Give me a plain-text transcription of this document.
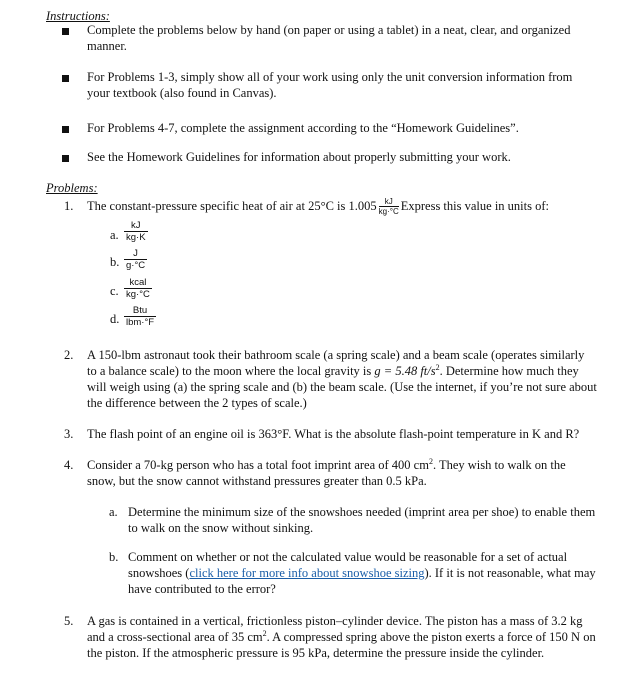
Instructions:
Complete the problems below by hand (on paper or using a tablet) in a neat, clear, and organized manner.
For Problems 1-3, simply show all of your work using only the unit conversion information from your textbook (also found in Canvas).
For Problems 4-7, complete the assignment according to the “Homework Guidelines”.
See the Homework Guidelines for information about properly submitting your work.
Problems:
1. The constant-pressure specific heat of air at 25°C is $1.005 \frac{kJ}{kg\cdot^\circ C}$ Express this value in units of:
a.
kJ
kg·K
b.
J
g·°C
c.
kcal
kg·°C
d.
Btu
lbm·°F
2. A 150-lbm astronaut took their bathroom scale (a spring scale) and a beam scale (operates similarly to a balance scale) to the moon where the local gravity is g = 5.48 $ft/s^2$. Determine how much they will weigh using (a) the spring scale and (b) the beam scale. (Use the internet, if you’re not sure about the difference between the 2 types of scale.)
3. The flash point of an engine oil is 363°F. What is the absolute flash-point temperature in K and R?
4. Consider a 70-kg person who has a total foot imprint area of 400 $cm^2$. They wish to walk on the snow, but the snow cannot withstand pressures greater than 0.5 kPa.
a. Determine the minimum size of the snowshoes needed (imprint area per shoe) to enable them to walk on the snow without sinking.
b. Comment on whether or not the calculated value would be reasonable for a set of actual snowshoes (click here for more info about snowshoe sizing). If it is not reasonable, what may have contributed to the error?
5. A gas is contained in a vertical, frictionless piston–cylinder device. The piston has a mass of 3.2 kg and a cross-sectional area of 35 $cm^2$. A compressed spring above the piston exerts a force of 150 N on the piston. If the atmospheric pressure is 95 kPa, determine the pressure inside the cylinder.
